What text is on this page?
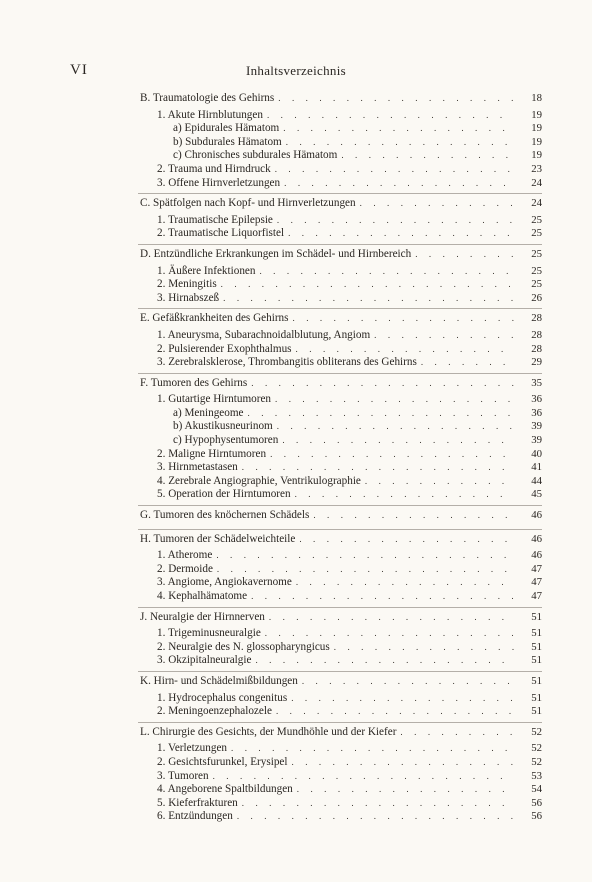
VI	Inhaltsverzeichnis
B. Traumatologie des Gehirns . . .	18
1. Akute Hirnblutungen . . .	19
a) Epidurales Hämatom . . .	19
b) Subdurales Hämatom . . .	19
c) Chronisches subdurales Hämatom . . .	19
2. Trauma und Hirndruck . . .	23
3. Offene Hirnverletzungen . . .	24
C. Spätfolgen nach Kopf- und Hirnverletzungen . . .	24
1. Traumatische Epilepsie . . .	25
2. Traumatische Liquorfistel . . .	25
D. Entzündliche Erkrankungen im Schädel- und Hirnbereich . . .	25
1. Äußere Infektionen . . .	25
2. Meningitis . . .	25
3. Hirnabszeß . . .	26
E. Gefäßkrankheiten des Gehirns . . .	28
1. Aneurysma, Subarachnoidalblutung, Angiom . . .	28
2. Pulsierender Exophthalmus . . .	28
3. Zerebralsklerose, Thrombangitis obliterans des Gehirns . . .	29
F. Tumoren des Gehirns . . .	35
1. Gutartige Hirntumoren . . .	36
a) Meningeome . . .	36
b) Akustikusneurinom . . .	39
c) Hypophysentumoren . . .	39
2. Maligne Hirntumoren . . .	40
3. Hirnmetastasen . . .	41
4. Zerebrale Angiographie, Ventrikulographie . . .	44
5. Operation der Hirntumoren . . .	45
G. Tumoren des knöchernen Schädels . . .	46
H. Tumoren der Schädelweichteile . . .	46
1. Atherome . . .	46
2. Dermoide . . .	47
3. Angiome, Angiokavernome . . .	47
4. Kephalhämatome . . .	47
J. Neuralgie der Hirnnerven . . .	51
1. Trigeminusneuralgie . . .	51
2. Neuralgie des N. glossopharyngicus . . .	51
3. Okzipitalneuralgie . . .	51
K. Hirn- und Schädelmißbildungen . . .	51
1. Hydrocephalus congenitus . . .	51
2. Meningoenzephalozele . . .	51
L. Chirurgie des Gesichts, der Mundhöhle und der Kiefer . . .	52
1. Verletzungen . . .	52
2. Gesichtsfurunkel, Erysipel . . .	52
3. Tumoren . . .	53
4. Angeborene Spaltbildungen . . .	54
5. Kieferfrakturen . . .	56
6. Entzündungen . . .	56
